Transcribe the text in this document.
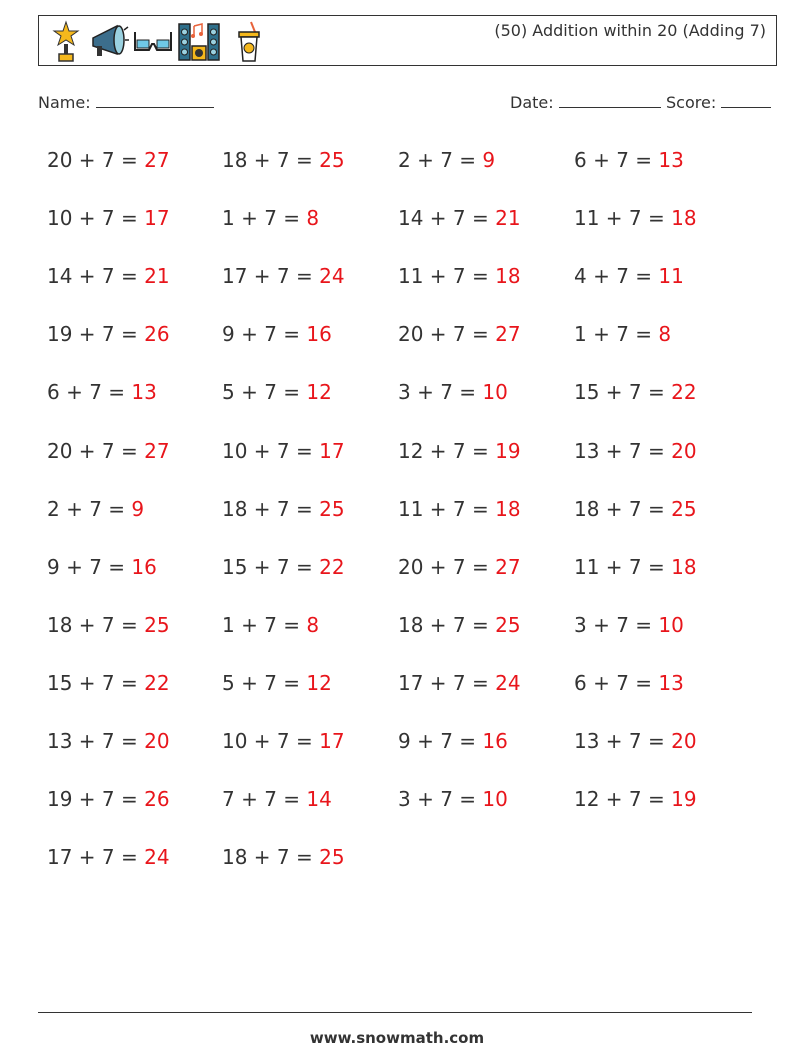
(50) Addition within 20 (Adding 7)
Name:	Date:	Score:
20 + 7 = 27	18 + 7 = 25	2 + 7 = 9	6 + 7 = 13
10 + 7 = 17	1 + 7 = 8	14 + 7 = 21	11 + 7 = 18
14 + 7 = 21	17 + 7 = 24	11 + 7 = 18	4 + 7 = 11
19 + 7 = 26	9 + 7 = 16	20 + 7 = 27	1 + 7 = 8
6 + 7 = 13	5 + 7 = 12	3 + 7 = 10	15 + 7 = 22
20 + 7 = 27	10 + 7 = 17	12 + 7 = 19	13 + 7 = 20
2 + 7 = 9	18 + 7 = 25	11 + 7 = 18	18 + 7 = 25
9 + 7 = 16	15 + 7 = 22	20 + 7 = 27	11 + 7 = 18
18 + 7 = 25	1 + 7 = 8	18 + 7 = 25	3 + 7 = 10
15 + 7 = 22	5 + 7 = 12	17 + 7 = 24	6 + 7 = 13
13 + 7 = 20	10 + 7 = 17	9 + 7 = 16	13 + 7 = 20
19 + 7 = 26	7 + 7 = 14	3 + 7 = 10	12 + 7 = 19
17 + 7 = 24	18 + 7 = 25
www.snowmath.com
